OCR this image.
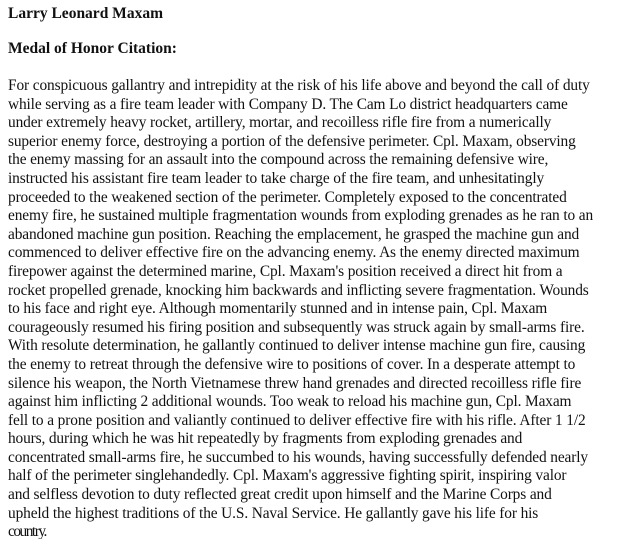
Larry Leonard Maxam
Medal of Honor Citation:
For conspicuous gallantry and intrepidity at the risk of his life above and beyond the call of duty
while serving as a fire team leader with Company D. The Cam Lo district headquarters came
under extremely heavy rocket, artillery, mortar, and recoilless rifle fire from a numerically
superior enemy force, destroying a portion of the defensive perimeter. Cpl. Maxam, observing
the enemy massing for an assault into the compound across the remaining defensive wire,
instructed his assistant fire team leader to take charge of the fire team, and unhesitatingly
proceeded to the weakened section of the perimeter. Completely exposed to the concentrated
enemy fire, he sustained multiple fragmentation wounds from exploding grenades as he ran to an
abandoned machine gun position. Reaching the emplacement, he grasped the machine gun and
commenced to deliver effective fire on the advancing enemy. As the enemy directed maximum
firepower against the determined marine, Cpl. Maxam's position received a direct hit from a
rocket propelled grenade, knocking him backwards and inflicting severe fragmentation. Wounds
to his face and right eye. Although momentarily stunned and in intense pain, Cpl. Maxam
courageously resumed his firing position and subsequently was struck again by small-arms fire.
With resolute determination, he gallantly continued to deliver intense machine gun fire, causing
the enemy to retreat through the defensive wire to positions of cover. In a desperate attempt to
silence his weapon, the North Vietnamese threw hand grenades and directed recoilless rifle fire
against him inflicting 2 additional wounds. Too weak to reload his machine gun, Cpl. Maxam
fell to a prone position and valiantly continued to deliver effective fire with his rifle. After 1 1/2
hours, during which he was hit repeatedly by fragments from exploding grenades and
concentrated small-arms fire, he succumbed to his wounds, having successfully defended nearly
half of the perimeter singlehandedly. Cpl. Maxam's aggressive fighting spirit, inspiring valor
and selfless devotion to duty reflected great credit upon himself and the Marine Corps and
upheld the highest traditions of the U.S. Naval Service. He gallantly gave his life for his
country.
